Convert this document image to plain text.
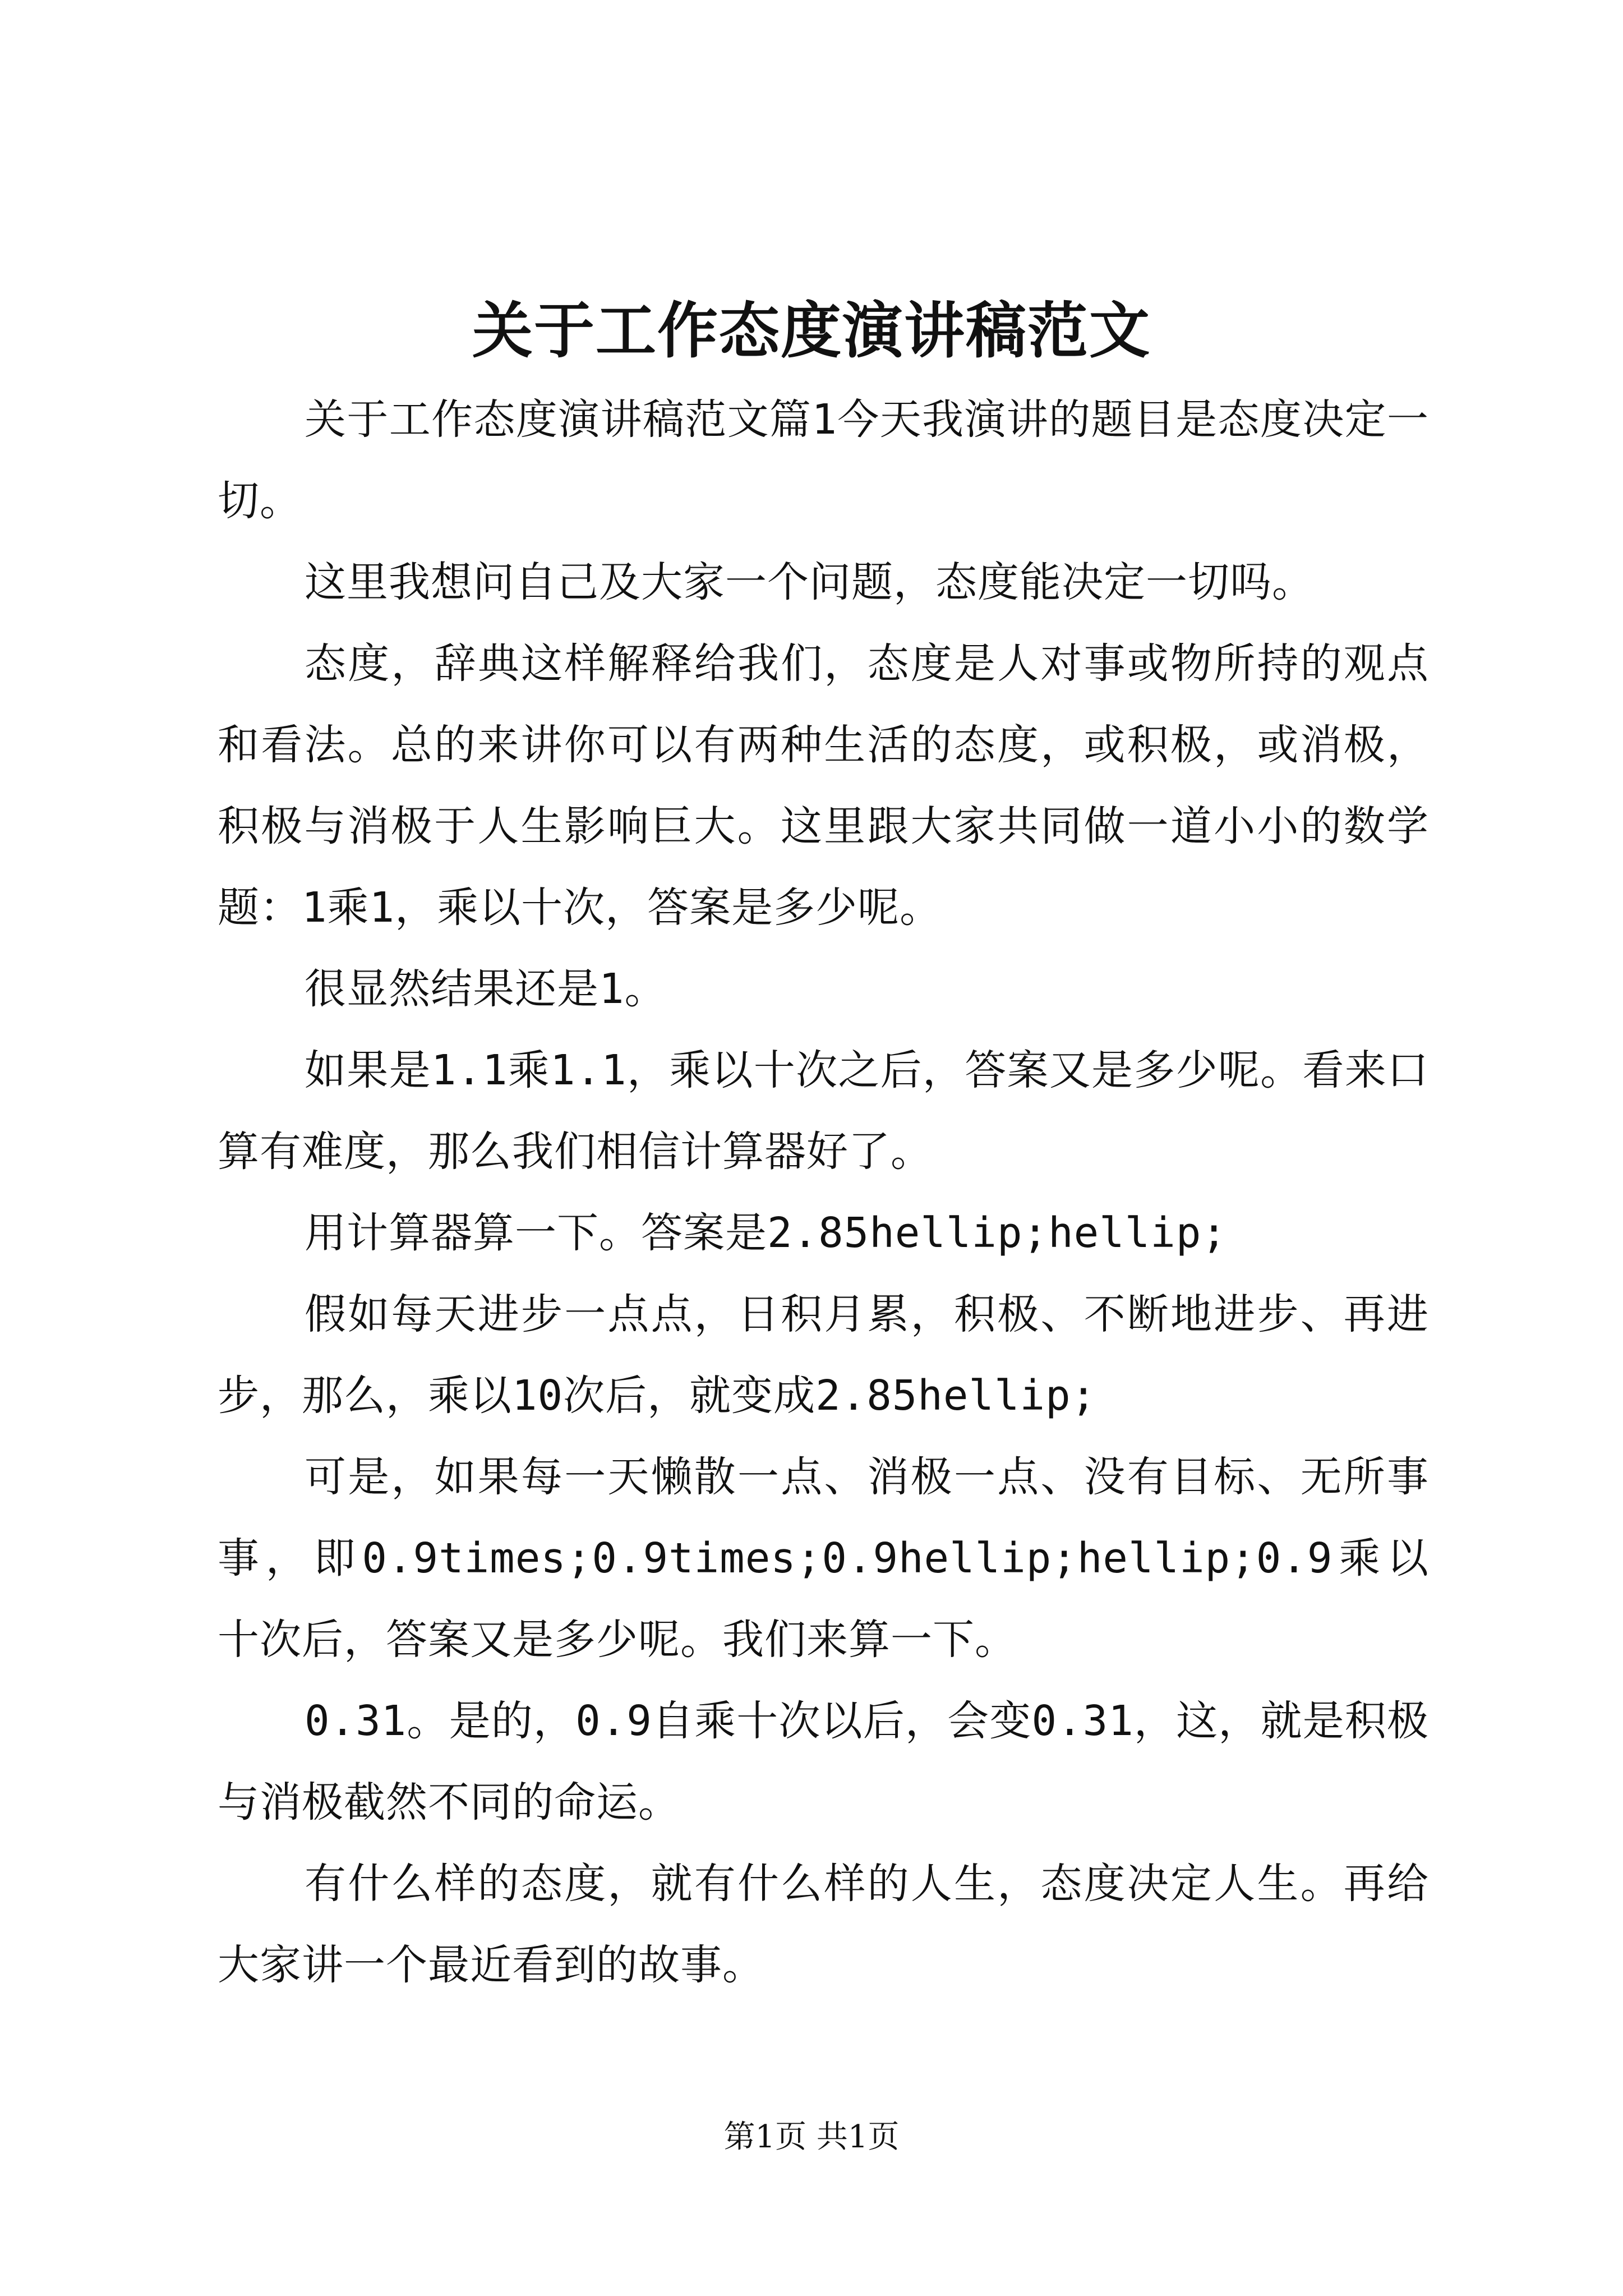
关于工作态度演讲稿范文

关于工作态度演讲稿范文篇1今天我演讲的题目是态度决定一切。

这里我想问自己及大家一个问题，态度能决定一切吗。

态度，辞典这样解释给我们，态度是人对事或物所持的观点和看法。总的来讲你可以有两种生活的态度，或积极，或消极，积极与消极于人生影响巨大。这里跟大家共同做一道小小的数学题：1乘1，乘以十次，答案是多少呢。

很显然结果还是1。

如果是1.1乘1.1，乘以十次之后，答案又是多少呢。看来口算有难度，那么我们相信计算器好了。

用计算器算一下。答案是2.85hellip;hellip;

假如每天进步一点点，日积月累，积极、不断地进步、再进步，那么，乘以10次后，就变成2.85hellip;

可是，如果每一天懒散一点、消极一点、没有目标、无所事事，即0.9times;0.9times;0.9hellip;hellip;0.9乘以十次后，答案又是多少呢。我们来算一下。

0.31。是的，0.9自乘十次以后，会变0.31，这，就是积极与消极截然不同的命运。

有什么样的态度，就有什么样的人生，态度决定人生。再给大家讲一个最近看到的故事。

第1页 共1页
